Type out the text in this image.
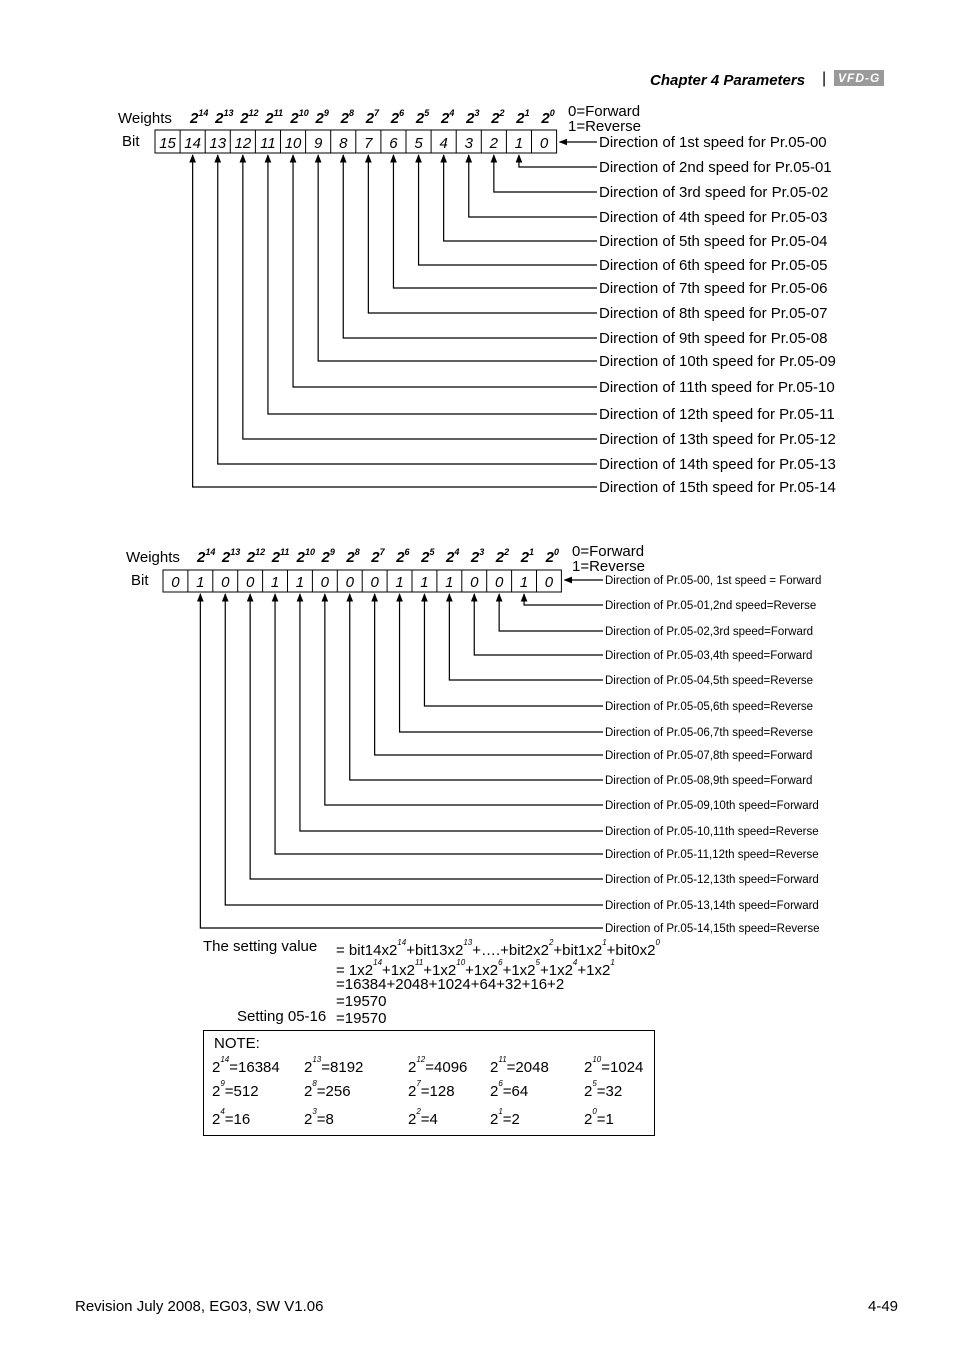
Chapter 4 Parameters | VFD-G
Weights
Bit
0=Forward
1=Reverse
$2^{14}$ $2^{13}$ $2^{12}$ $2^{11}$ $2^{10}$ $2^9$ $2^8$ $2^7$ $2^6$ $2^5$ $2^4$ $2^3$ $2^2$ $2^1$ $2^0$
15 14 13 12 11 10 9 8 7 6 5 4 3 2 1 0	Direction of 1st speed for Pr.05-00
Direction of 2nd speed for Pr.05-01
Direction of 3rd speed for Pr.05-02
Direction of 4th speed for Pr.05-03
Direction of 5th speed for Pr.05-04
Direction of 6th speed for Pr.05-05
Direction of 7th speed for Pr.05-06
Direction of 8th speed for Pr.05-07
Direction of 9th speed for Pr.05-08
Direction of 10th speed for Pr.05-09
Direction of 11th speed for Pr.05-10
Direction of 12th speed for Pr.05-11
Direction of 13th speed for Pr.05-12
Direction of 14th speed for Pr.05-13
Direction of 15th speed for Pr.05-14
Weights
Bit
0=Forward
1=Reverse
$2^{14}$ $2^{13}$ $2^{12}$ $2^{11}$ $2^{10}$ $2^9$ $2^8$ $2^7$ $2^6$ $2^5$ $2^4$ $2^3$ $2^2$ $2^1$ $2^0$
0 1 0 0 1 1 0 0 0 1 1 1 0 0 1 0	Direction of Pr.05-00, 1st speed = Forward
Direction of Pr.05-01,2nd speed=Reverse
Direction of Pr.05-02,3rd speed=Forward
Direction of Pr.05-03,4th speed=Forward
Direction of Pr.05-04,5th speed=Reverse
Direction of Pr.05-05,6th speed=Reverse
Direction of Pr.05-06,7th speed=Reverse
Direction of Pr.05-07,8th speed=Forward
Direction of Pr.05-08,9th speed=Forward
Direction of Pr.05-09,10th speed=Forward
Direction of Pr.05-10,11th speed=Reverse
Direction of Pr.05-11,12th speed=Reverse
Direction of Pr.05-12,13th speed=Forward
Direction of Pr.05-13,14th speed=Forward
Direction of Pr.05-14,15th speed=Reverse
The setting value = $bit14x2^{14}+bit13x2^{13}+\dots.+bit2x2^2+bit1x2^1+bit0x2^0$
= $1x2^{14}+1x2^{11}+1x2^{10}+1x2^6+1x2^5+1x2^4+1x2^1$
=16384+2048+1024+64+32+16+2
=19570
Setting 05-16 =19570
NOTE:
$2^{14}=16384$ $2^{13}=8192$	$2^{12}=4096$ $2^{11}=2048$ $2^{10}=1024$
$2^9=512$	$2^8=256$	$2^7=128$ $2^6=64$	$2^5=32$
$2^4=16$	$2^3=8$	$2^2=4$	$2^1=2$	$2^0=1$
Revision July 2008, EG03, SW V1.06	4-49
